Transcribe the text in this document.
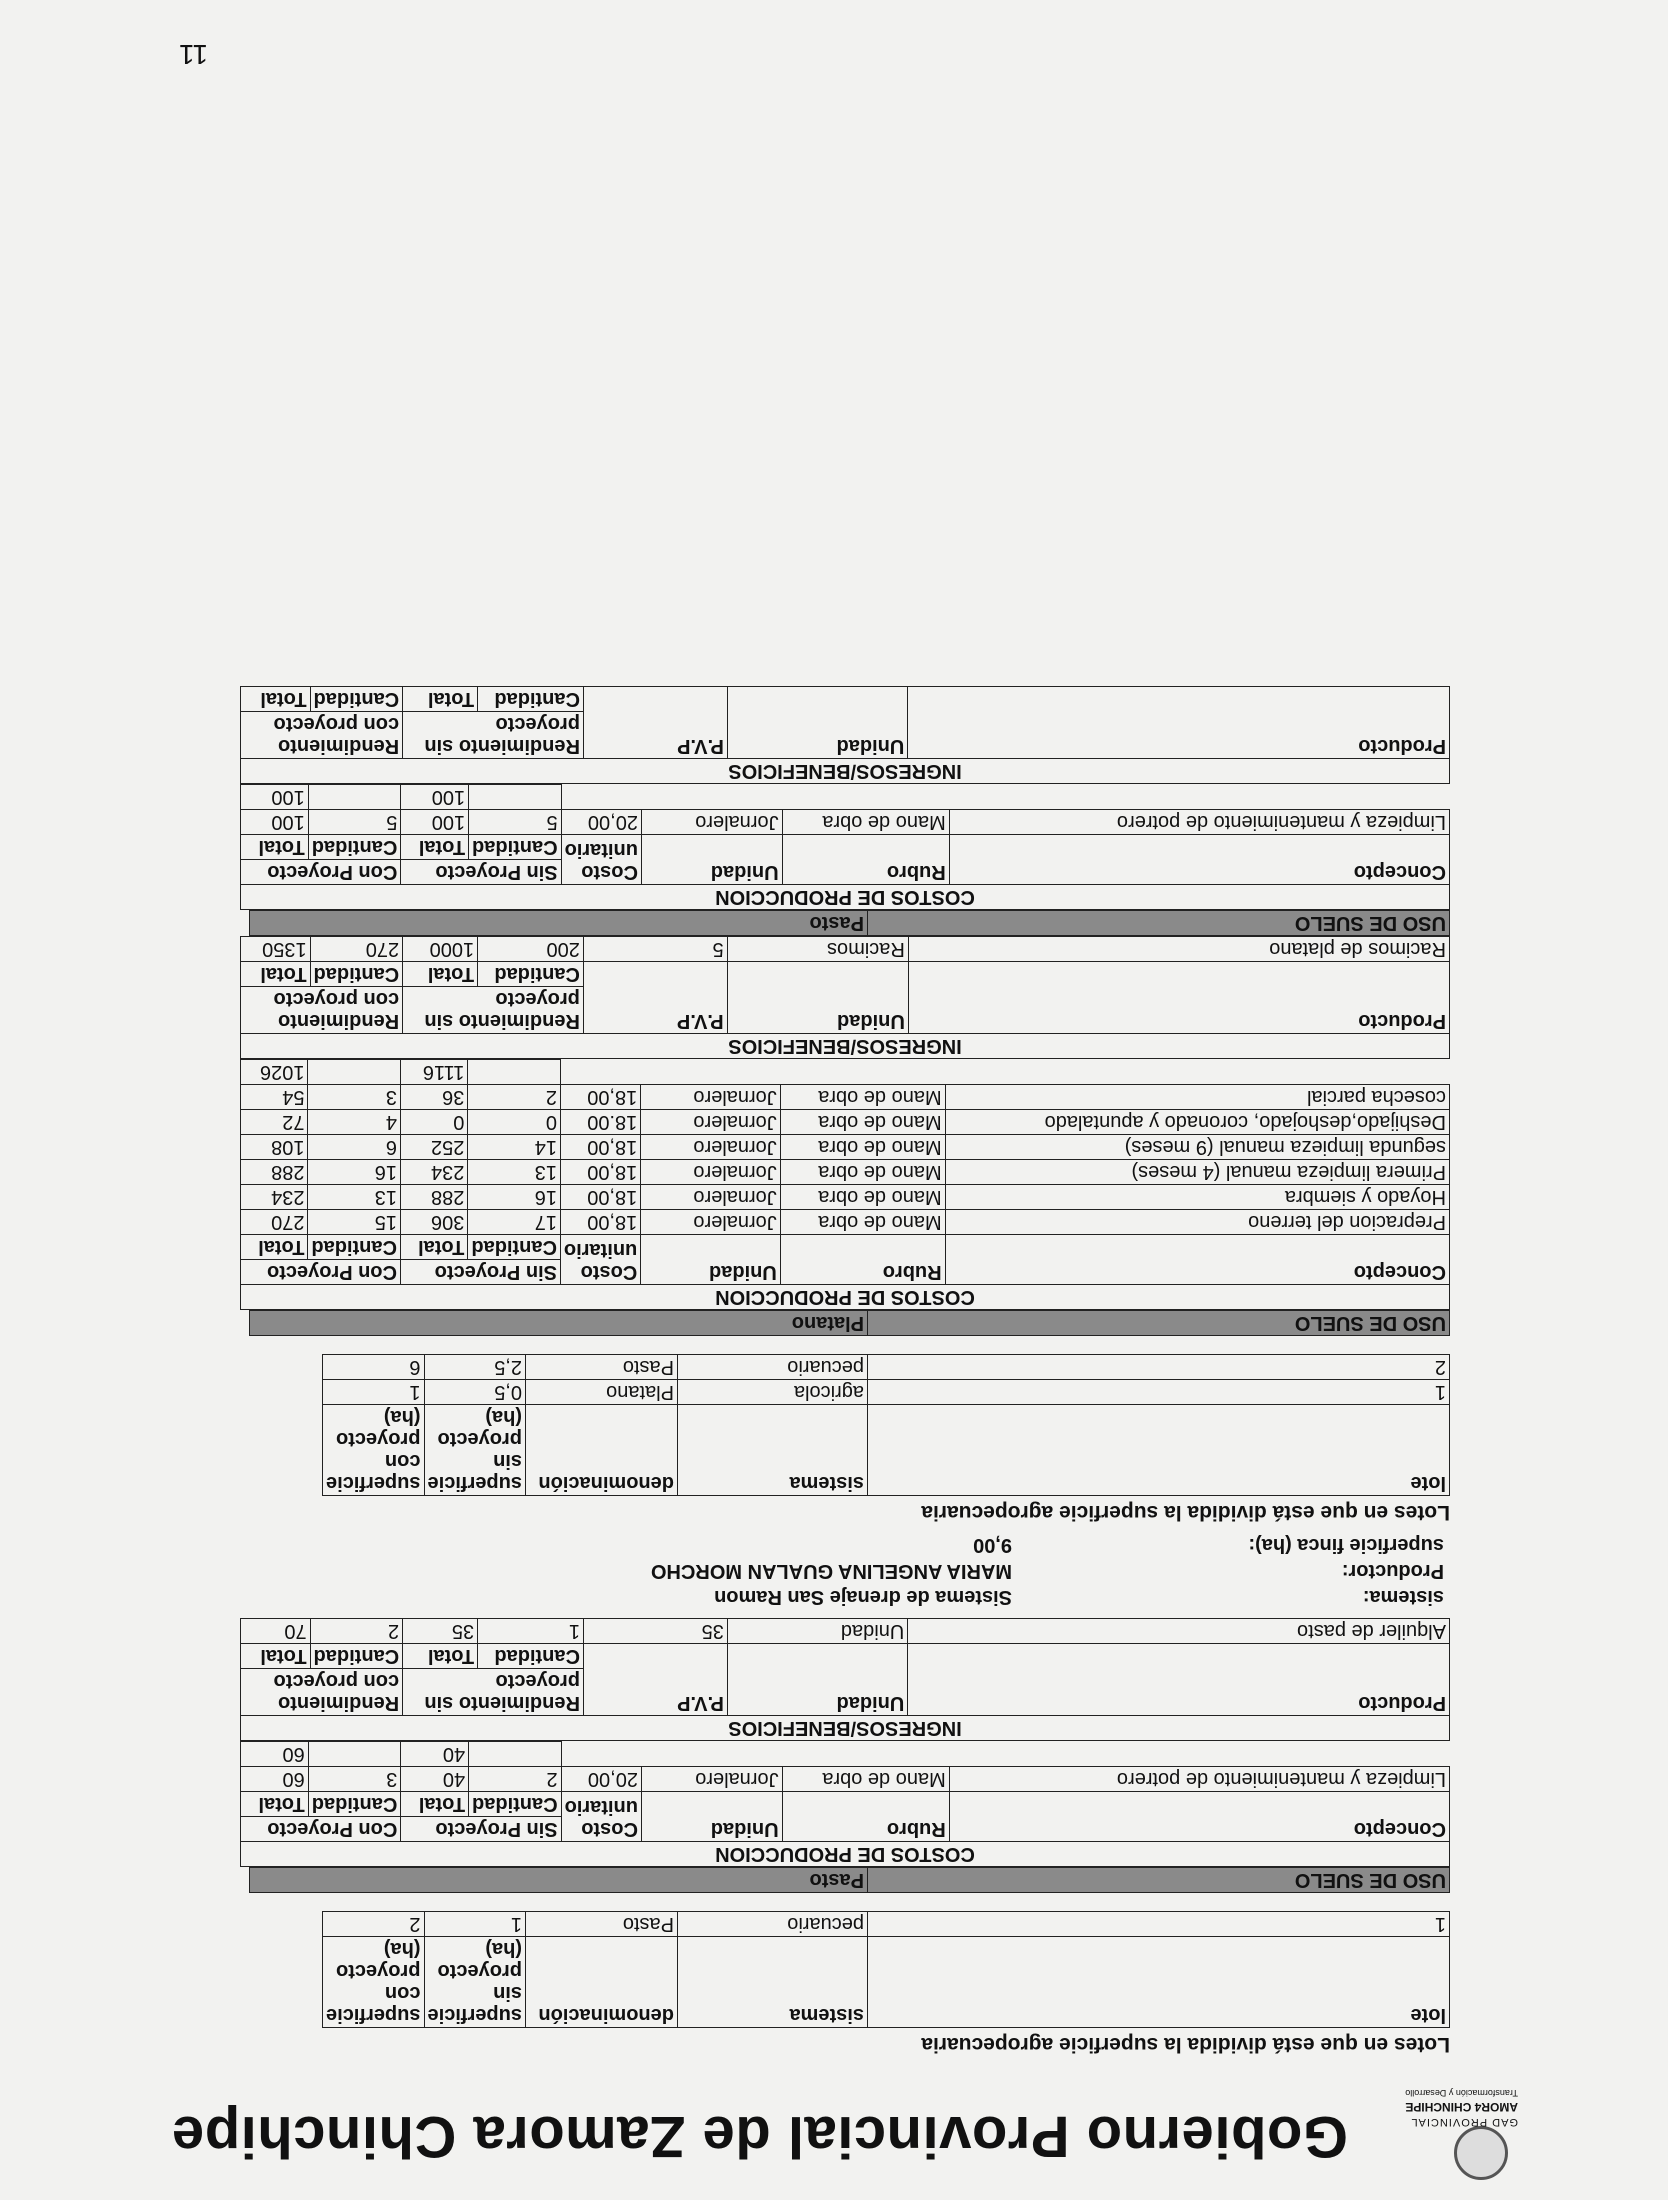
GAD PROVINCIAL
AMOR4 CHINCHIPE
Transformación y Desarrollo
Gobierno Provincial de Zamora Chinchipe
Lotes en que está dividida la superficie agropecuaria
lote	sistema	denominación	superficie sin proyecto (ha)	superficie con proyecto (ha)
1	pecuario	Pasto	1	2
USO DE SUELO	Pasto
COSTOS DE PRODUCCION							
Concepto	Rubro	Unidad	Costo unitario	Sin Proyecto		Con Proyecto	
				Cantidad	Total	Cantidad	Total
Limpieza y mantenimiento de potrero	Mano de obra	Jornalero	20,00	2	40	3	60
					40		60
INGRESOS/BENEFICIOS						
Producto	Unidad	P.V.P	Rendimiento sin proyecto		Rendimiento con proyecto	
			Cantidad	Total	Cantidad	Total
Alquiler de pasto	Unidad	35	1	35	2	70
sistema:	Sistema de drenaje San Ramon
Productor:	MARIA ANGELINA GUALAN MORCHO
superficie finca (ha):	9,00
Lotes en que está dividida la superficie agropecuaria
lote	sistema	denominación	superficie sin proyecto (ha)	superficie con proyecto (ha)
1	agricola	Platano	0,5	1
2	pecuario	Pasto	2,5	6
USO DE SUELO	Platano
COSTOS DE PRODUCCION							
Concepto	Rubro	Unidad	Costo unitario	Sin Proyecto		Con Proyecto	
				Cantidad	Total	Cantidad	Total
Prepracion del terreno	Mano de obra	Jornalero	18,00	17	306	15	270
Hoyado y siembra	Mano de obra	Jornalero	18,00	16	288	13	234
Primera limpieza manual (4 meses)	Mano de obra	Jornalero	18,00	13	234	16	288
segunda limpieza manual (9 meses)	Mano de obra	Jornalero	18,00	14	252	6	108
Deshijado,deshojado, coronado y apuntalado	Mano de obra	Jornalero	18.00	0	0	4	72
cosecha parcial	Mano de obra	Jornalero	18,00	2	36	3	54
					1116		1026
INGRESOS/BENEFICIOS						
Producto	Unidad	P.V.P	Rendimiento sin proyecto		Rendimiento con proyecto	
			Cantidad	Total	Cantidad	Total
Racimos de platano	Racimos	5	200	1000	270	1350
USO DE SUELO	Pasto
COSTOS DE PRODUCCION							
Concepto	Rubro	Unidad	Costo unitario	Sin Proyecto		Con Proyecto	
				Cantidad	Total	Cantidad	Total
Limpieza y mantenimiento de potrero	Mano de obra	Jornalero	20,00	5	100	5	100
					100		100
INGRESOS/BENEFICIOS						
Producto	Unidad	P.V.P	Rendimiento sin proyecto		Rendimiento con proyecto	
			Cantidad	Total	Cantidad	Total
11
